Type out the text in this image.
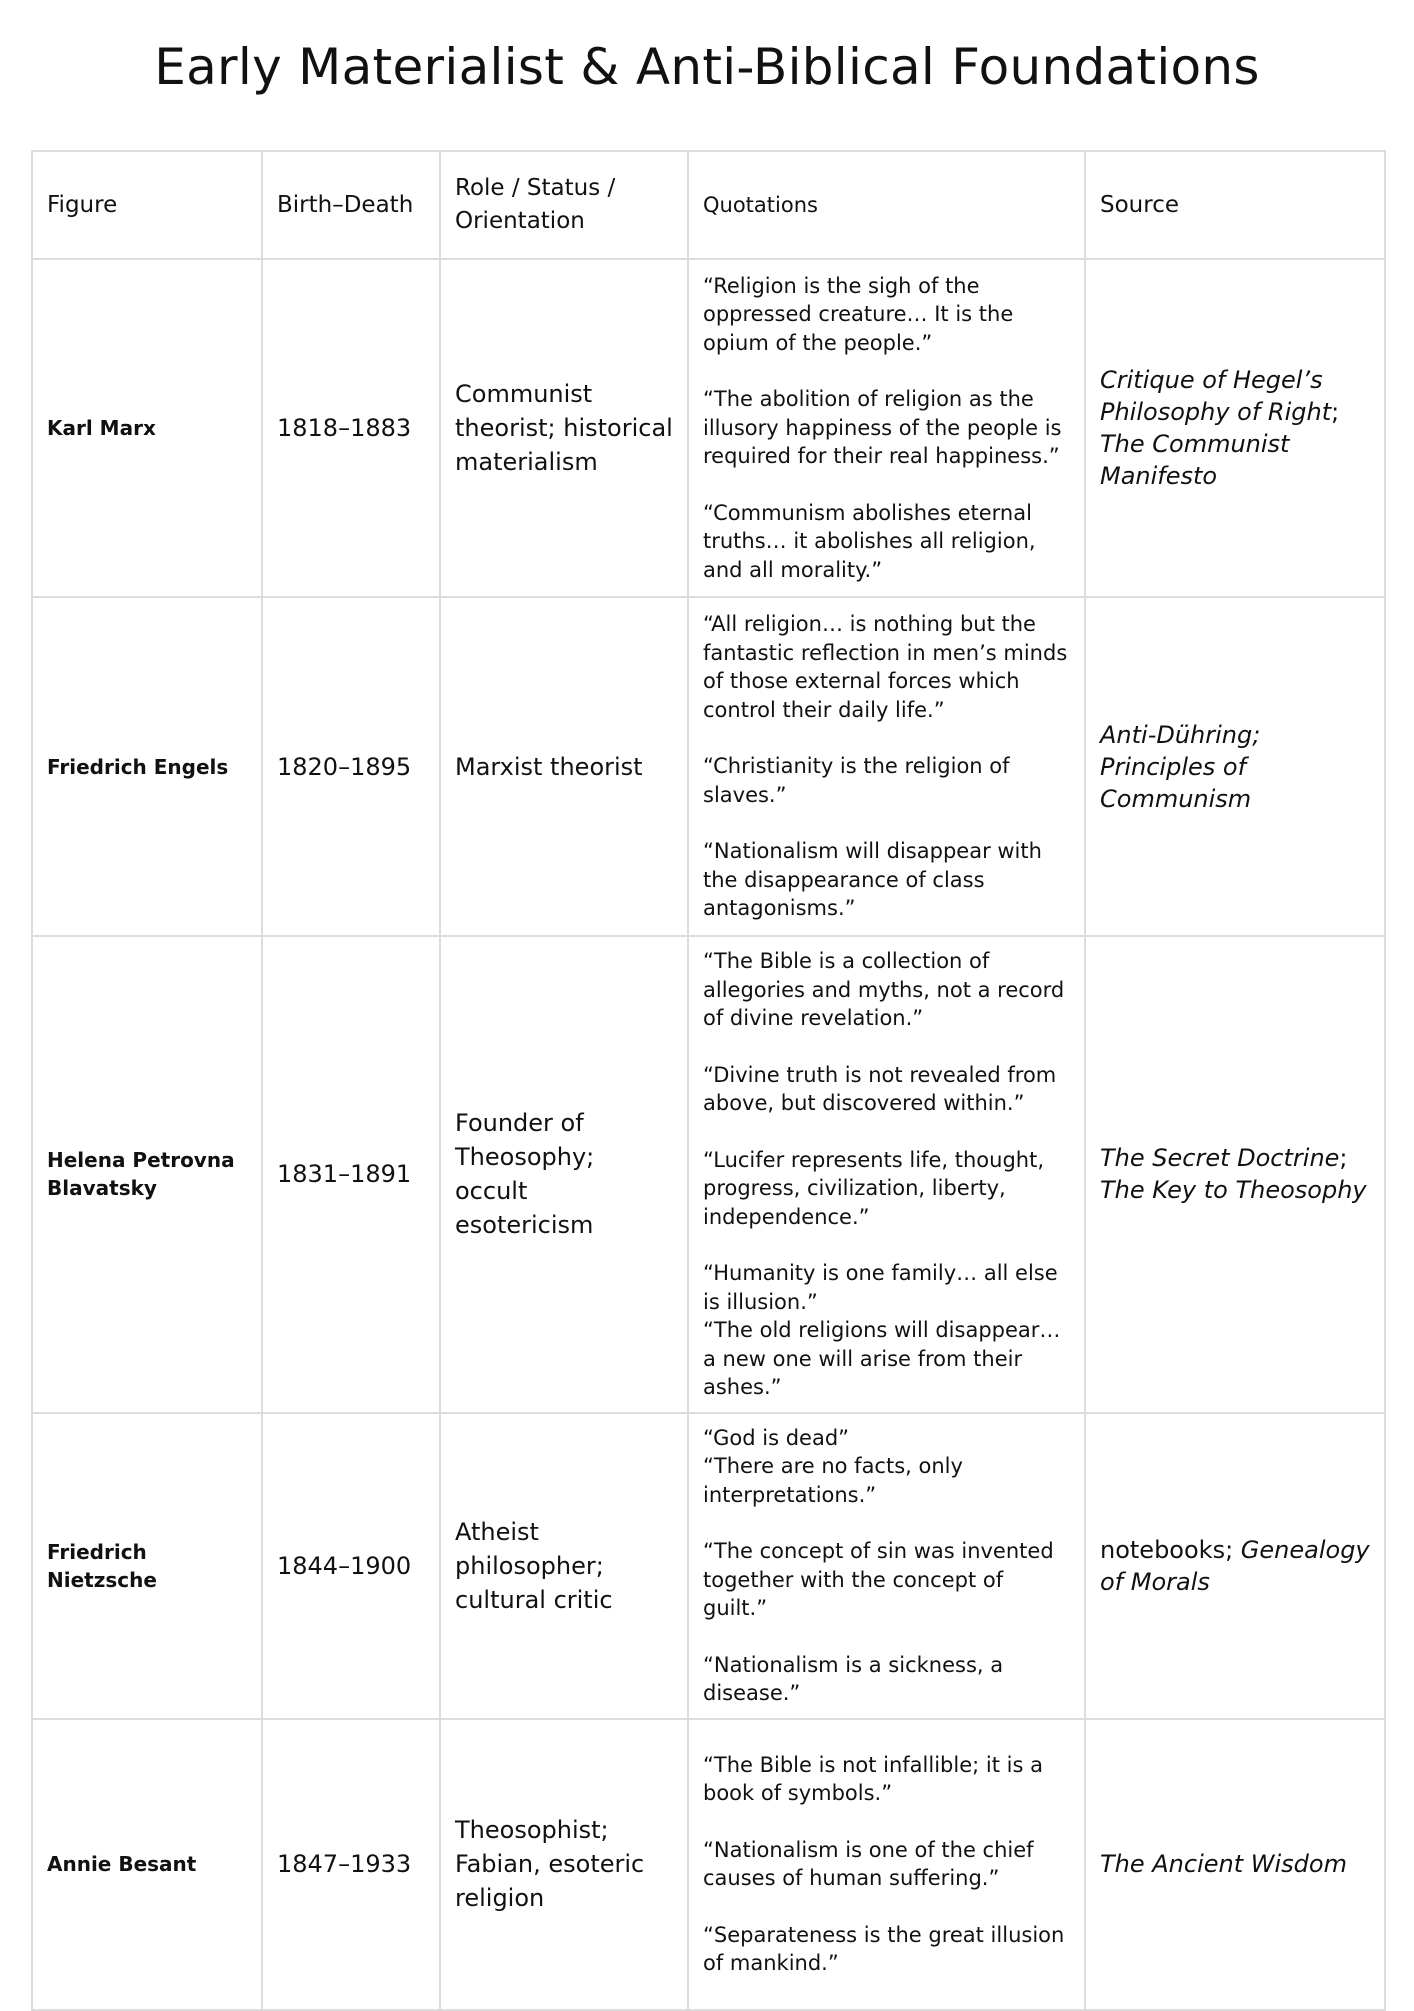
Early Materialist & Anti-Biblical Foundations
Figure	Birth–Death	Role / Status / Orientation	Quotations	Source
Karl Marx	1818–1883	Communist theorist; historical materialism	“Religion is the sigh of the oppressed creature… It is the opium of the people.”
“The abolition of religion as the illusory happiness of the people is required for their real happiness.”
“Communism abolishes eternal truths… it abolishes all religion, and all morality.”	Critique of Hegel’s Philosophy of Right; The Communist Manifesto
Friedrich Engels	1820–1895	Marxist theorist	“All religion… is nothing but the fantastic reflection in men’s minds of those external forces which control their daily life.”
“Christianity is the religion of slaves.”
“Nationalism will disappear with the disappearance of class antagonisms.”	Anti-Dühring; Principles of Communism
Helena Petrovna Blavatsky	1831–1891	Founder of Theosophy; occult esotericism	“The Bible is a collection of allegories and myths, not a record of divine revelation.”
“Divine truth is not revealed from above, but discovered within.”
“Lucifer represents life, thought, progress, civilization, liberty, independence.”
“Humanity is one family… all else is illusion.”
“The old religions will disappear… a new one will arise from their ashes.”	The Secret Doctrine; The Key to Theosophy
Friedrich Nietzsche	1844–1900	Atheist philosopher; cultural critic	“God is dead”
“There are no facts, only interpretations.”
“The concept of sin was invented together with the concept of guilt.”
“Nationalism is a sickness, a disease.”	notebooks; Genealogy of Morals
Annie Besant	1847–1933	Theosophist; Fabian, esoteric religion	“The Bible is not infallible; it is a book of symbols.”
“Nationalism is one of the chief causes of human suffering.”
“Separateness is the great illusion of mankind.”	The Ancient Wisdom
